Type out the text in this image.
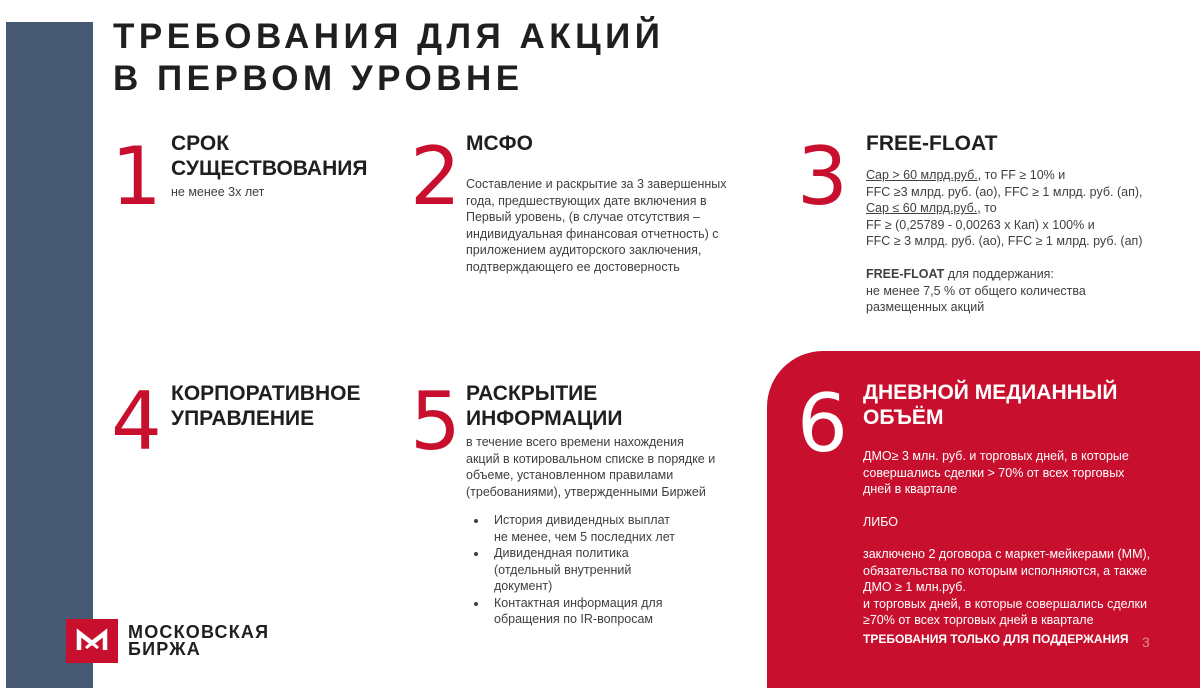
ТРЕБОВАНИЯ ДЛЯ АКЦИЙ
В ПЕРВОМ УРОВНЕ
1 СРОК
СУЩЕСТВОВАНИЯ

не менее 3х лет 2 МСФО

Составление и раскрытие за 3 завершенных
года, предшествующих дате включения в
Первый уровень, (в случае отсутствия –
индивидуальная финансовая отчетность) с
приложением аудиторского заключения,
подтверждающего ее достоверность

3 FREE-FLOAT

Cap > 60 млрд.руб., то FF ≥ 10% и
FFC ≥3 млрд. руб. (ао), FFC ≥ 1 млрд. руб. (ап),
Cap ≤ 60 млрд.руб., то
FF ≥ (0,25789 - 0,00263 х Кап) х 100% и
FFC ≥ 3 млрд. руб. (ао), FFC ≥ 1 млрд. руб. (ап)

FREE-FLOAT для поддержания:
не менее 7,5 % от общего количества
размещенных акций

4 КОРПОРАТИВНОЕ
УПРАВЛЕНИЕ	5 РАСКРЫТИЕ
ИНФОРМАЦИИ

в течение всего времени нахождения
акций в котировальном списке в порядке и
объеме, установленном правилами
(требованиями), утвержденными Биржей

• История дивидендных выплат
не менее, чем 5 последних лет
• Дивидендная политика
(отдельный внутренний
документ)
• Контактная информация для
обращения по IR-вопросам
6 ДНЕВНОЙ МЕДИАННЫЙ
ОБЪЁМ

ДМО≥ 3 млн. руб. и торговых дней, в которые
совершались сделки > 70% от всех торговых
дней в квартале

ЛИБО

заключено 2 договора с маркет-мейкерами (ММ),
обязательства по которым исполняются, а также
ДМО ≥ 1 млн.руб.
и торговых дней, в которые совершались сделки
≥70% от всех торговых дней в квартале

ТРЕБОВАНИЯ ТОЛЬКО ДЛЯ ПОДДЕРЖАНИЯ

МОСКОВСКАЯ
БИРЖА	3
